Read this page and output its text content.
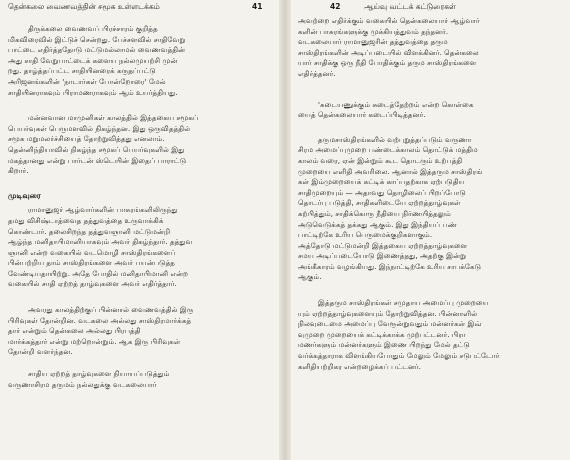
தென்கலை வைணவத்தின் சமூக உள்ளடக்கம்	41	42	ஆய்வு வட்டக் கட்டுரைகள்
திருக்கலை வைணவப் பிரச்சாரம் குறித்த
மிகவிரைவில் இட்டுச் சென்றது. பேச்சளவில் சாதிவேறு
பாட்டை எதிர்த்ததோடு மட்டுமல்லாமல் வைணவத்தின்
அது சாதி வேறுபாட்டைக் களைய நல்லமுயற்சி முன்
றது. தாழ்த்தப்பட்ட சாதியினரைக் கருதப்பட்டு
அரிஜனங்களின் 'நாடார்கள் போன்றோரை' மேல்
சாதியினராகவும் பிராமணராகவும் ஆம் உயர்த்தியது.
மன்னவான மாமுனிகள் காலத்தில் இத்தகைய சமூகப்
பெயர்வுகள் பெருமளவில் நிகழ்ந்தன. இது ஒருவிதத்தில்
சமூக மறுமலர்ச்சியைத் தோற்றுவித்தது எனலாம்.
தென்னிந்தியாவில் நிகழ்ந்த சமூகப் பெயர்வுகளில் இது
மகத்தானது என்று பார்டன் ஸ்டெயின் இதைப் பாராட்டு
கிறார்.
முடிவுரை
ராமானுஜர் ஆழ்வார்களின் பாசுரங்களிலிருந்து
தமது விசிஷ்டாத்வைத தத்துவத்தை உருவாக்கிக்
கொண்டார். தலைசிறந்த தத்துவஞானி மட்டுமன்றி
ஆழ்ந்த மனிதாபிமானியாகவும் அவர் திகழ்ந்தார். தத்துவ
ஞானி என்ற வகையில் வடமொழி சாஸ்திரங்களைப்
பின்பற்றிய தாம் சாஸ்திரங்களை அவர் பயன்படுத்த
வேண்டியதாயிற்று. அதே போதில் மனிதாபிமானி என்ற
வகையில் சாதி ஏற்றத் தாழ்வுகளை அவர் எதிர்த்தார்.
அவரது காலத்திற்குப் பின்னால் வைணவத்தில் இரு
பிரிவுகள் தோன்றின. வடகலை அல்லது சாஸ்திரமார்க்கத்
தார் என்றும் தென்கலை அல்லது பிரபத்தி
மார்க்கத்தார் என்று மற்றொன்றும். ஆக இரு பிரிவுகள்
தோன்றி வளர்ந்தன.
சாதிய ஏற்றத் தாழ்வுகளை நியாயப்படுத்தும்
வருணாசிரம தருமம் நல்லதுக்கு வடகலையார்
அவற்றை எதிர்க்கும் வகையில் தென்கலையார் ஆழ்வார்
களின் பாசுரங்களுக்கு முக்கியத்துவம் தந்தனர்.
வடகலையார் ராமானுஜரின் தத்துவத்தை தரும
சாஸ்திரங்களின் அடிப்படையில் விளக்கினர். தென்கலை
யார் சாதிக்கு ஒரு நீதி போதிக்கும் தரும சாஸ்திரங்களை
எதிர்த்தனர்.
'சுடையணுக்கும் சுடைத்தேற்றம் என்ற கொள்கை
யைத் தென்கலையார் கடைப்பிடித்தனர்.
தருமசாஸ்திரங்களில் வற்புறுத்தப்படும் வருணா
சிரம அமைப்புமுறை பண்டைக்காலம் தொட்டுக் மத்திம
காலம் வரை, ஏன் இன்றும் கூட தொடரும் உற்பத்தி
முறையை எளிதி அவரிலை. ஆனால் இத்தரும சாஸ்திரங்
கள் இம்முறையைக் கட்டிக் காப்பதற்காக ஏற்படுதிய
சாதிமுறையும் — அதாவது தொழிலைப் பிறப்போடு
தொடர்பு படுத்தி, சாதிகளிடையே ஏற்றத்தாழ்வுகள்
கற்பித்தும், சாதிக்கொரு நீதியை நிர்ணயித்தலும்
அடுவெடுக்கத் தக்கது ஆகும். இது இந்தியப் பண்
பாட்டிற்கே உரிய பெருமைக்குறிகளாகும்.
அத்தோடு மட்டுமன்றி இத்தகைய ஏற்றத்தாழ்வுகளை
சமய அடிப்படையோடு இணைத்தது, அதற்கு இன்று
அங்கீகாரம் வழங்கியது. இந்நாட்டிற்கே உரிய சாபக்கேடு
ஆகும்.
இத்தரும சாஸ்திரங்கள் சமுதாய அமைப்பு முறையை
யும் ஏற்றத்தாழ்வுகளையும் தோற்றுவித்தன. பின்னாளில்
நிலவுடைமை அமைப்பு வேரூன்றுவதும் மன்னர்கள் இவ்
வுமுறை முறையைக் கட்டிக்காக்க முற்பட்டனர். பிரா
மணர்களும் மன்னர்களும் இணை பிறந்து மேல் தட்டு
வர்க்கத்தாராக விளங்கியபோதும் மேலும் மேலும் சடுபட்டோர்
களிதியற்றிகர என்றழைக்கப் பட்டனர்.
